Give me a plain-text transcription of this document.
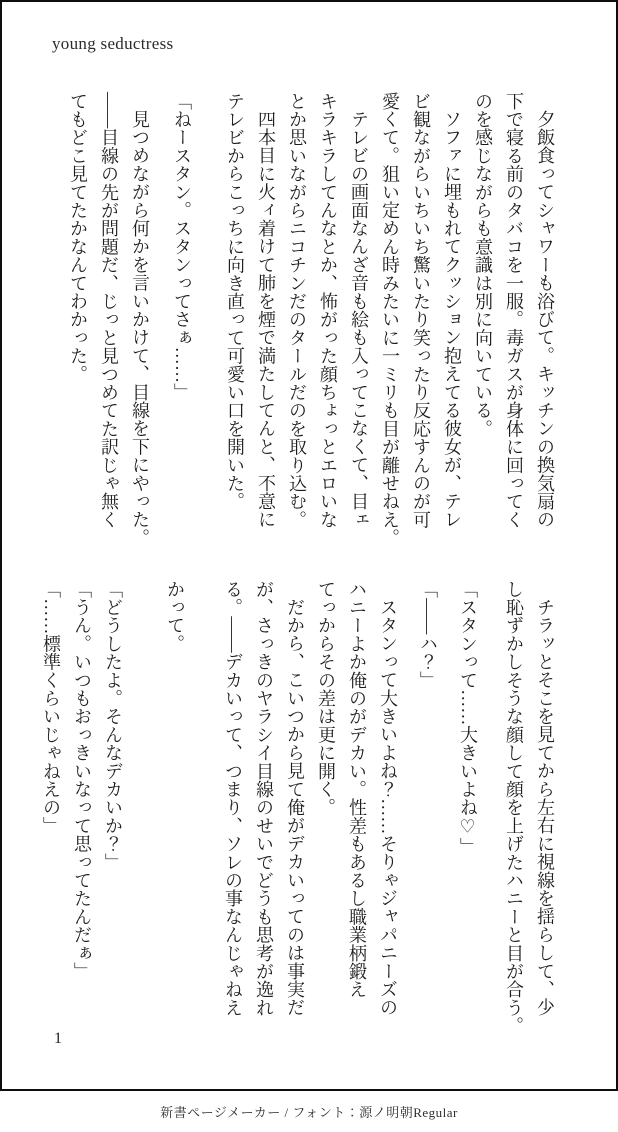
young seductress
夕飯食ってシャワーも浴びて。キッチンの換気扇の
下で寝る前のタバコを一服。毒ガスが身体に回ってく
のを感じながらも意識は別に向いている。
ソファに埋もれてクッション抱えてる彼女が、テレ
ビ観ながらいちいち驚いたり笑ったり反応すんのが可
愛くて。狙い定めん時みたいに一ミリも目が離せねえ。
テレビの画面なんざ音も絵も入ってこなくて、目ェ
キラキラしてんなとか、怖がった顔ちょっとエロいな
とか思いながらニコチンだのタールだのを取り込む。
四本目に火ィ着けて肺を煙で満たしてんと、不意に
テレビからこっちに向き直って可愛い口を開いた。
「ねースタン。スタンってさぁ……」
見つめながら何かを言いかけて、目線を下にやった。
――目線の先が問題だ、じっと見つめてた訳じゃ無く
てもどこ見てたかなんてわかった。
チラッとそこを見てから左右に視線を揺らして、少
し恥ずかしそうな顔して顔を上げたハニーと目が合う。
「スタンって……大きいよね♡」
「――ハ？」
スタンって大きいよね？……そりゃジャパニーズの
ハニーよか俺のがデカい。性差もあるし職業柄鍛え
てっからその差は更に開く。
だから、こいつから見て俺がデカいってのは事実だ
が、さっきのヤラシイ目線のせいでどうも思考が逸れ
る。――デカいって、つまり、ソレの事なんじゃねえ
かって。
「どうしたよ。そんなデカいか？」
「うん。いつもおっきいなって思ってたんだぁ」
「……標準くらいじゃねえの」
1
新書ページメーカー / フォント：源ノ明朝Regular
